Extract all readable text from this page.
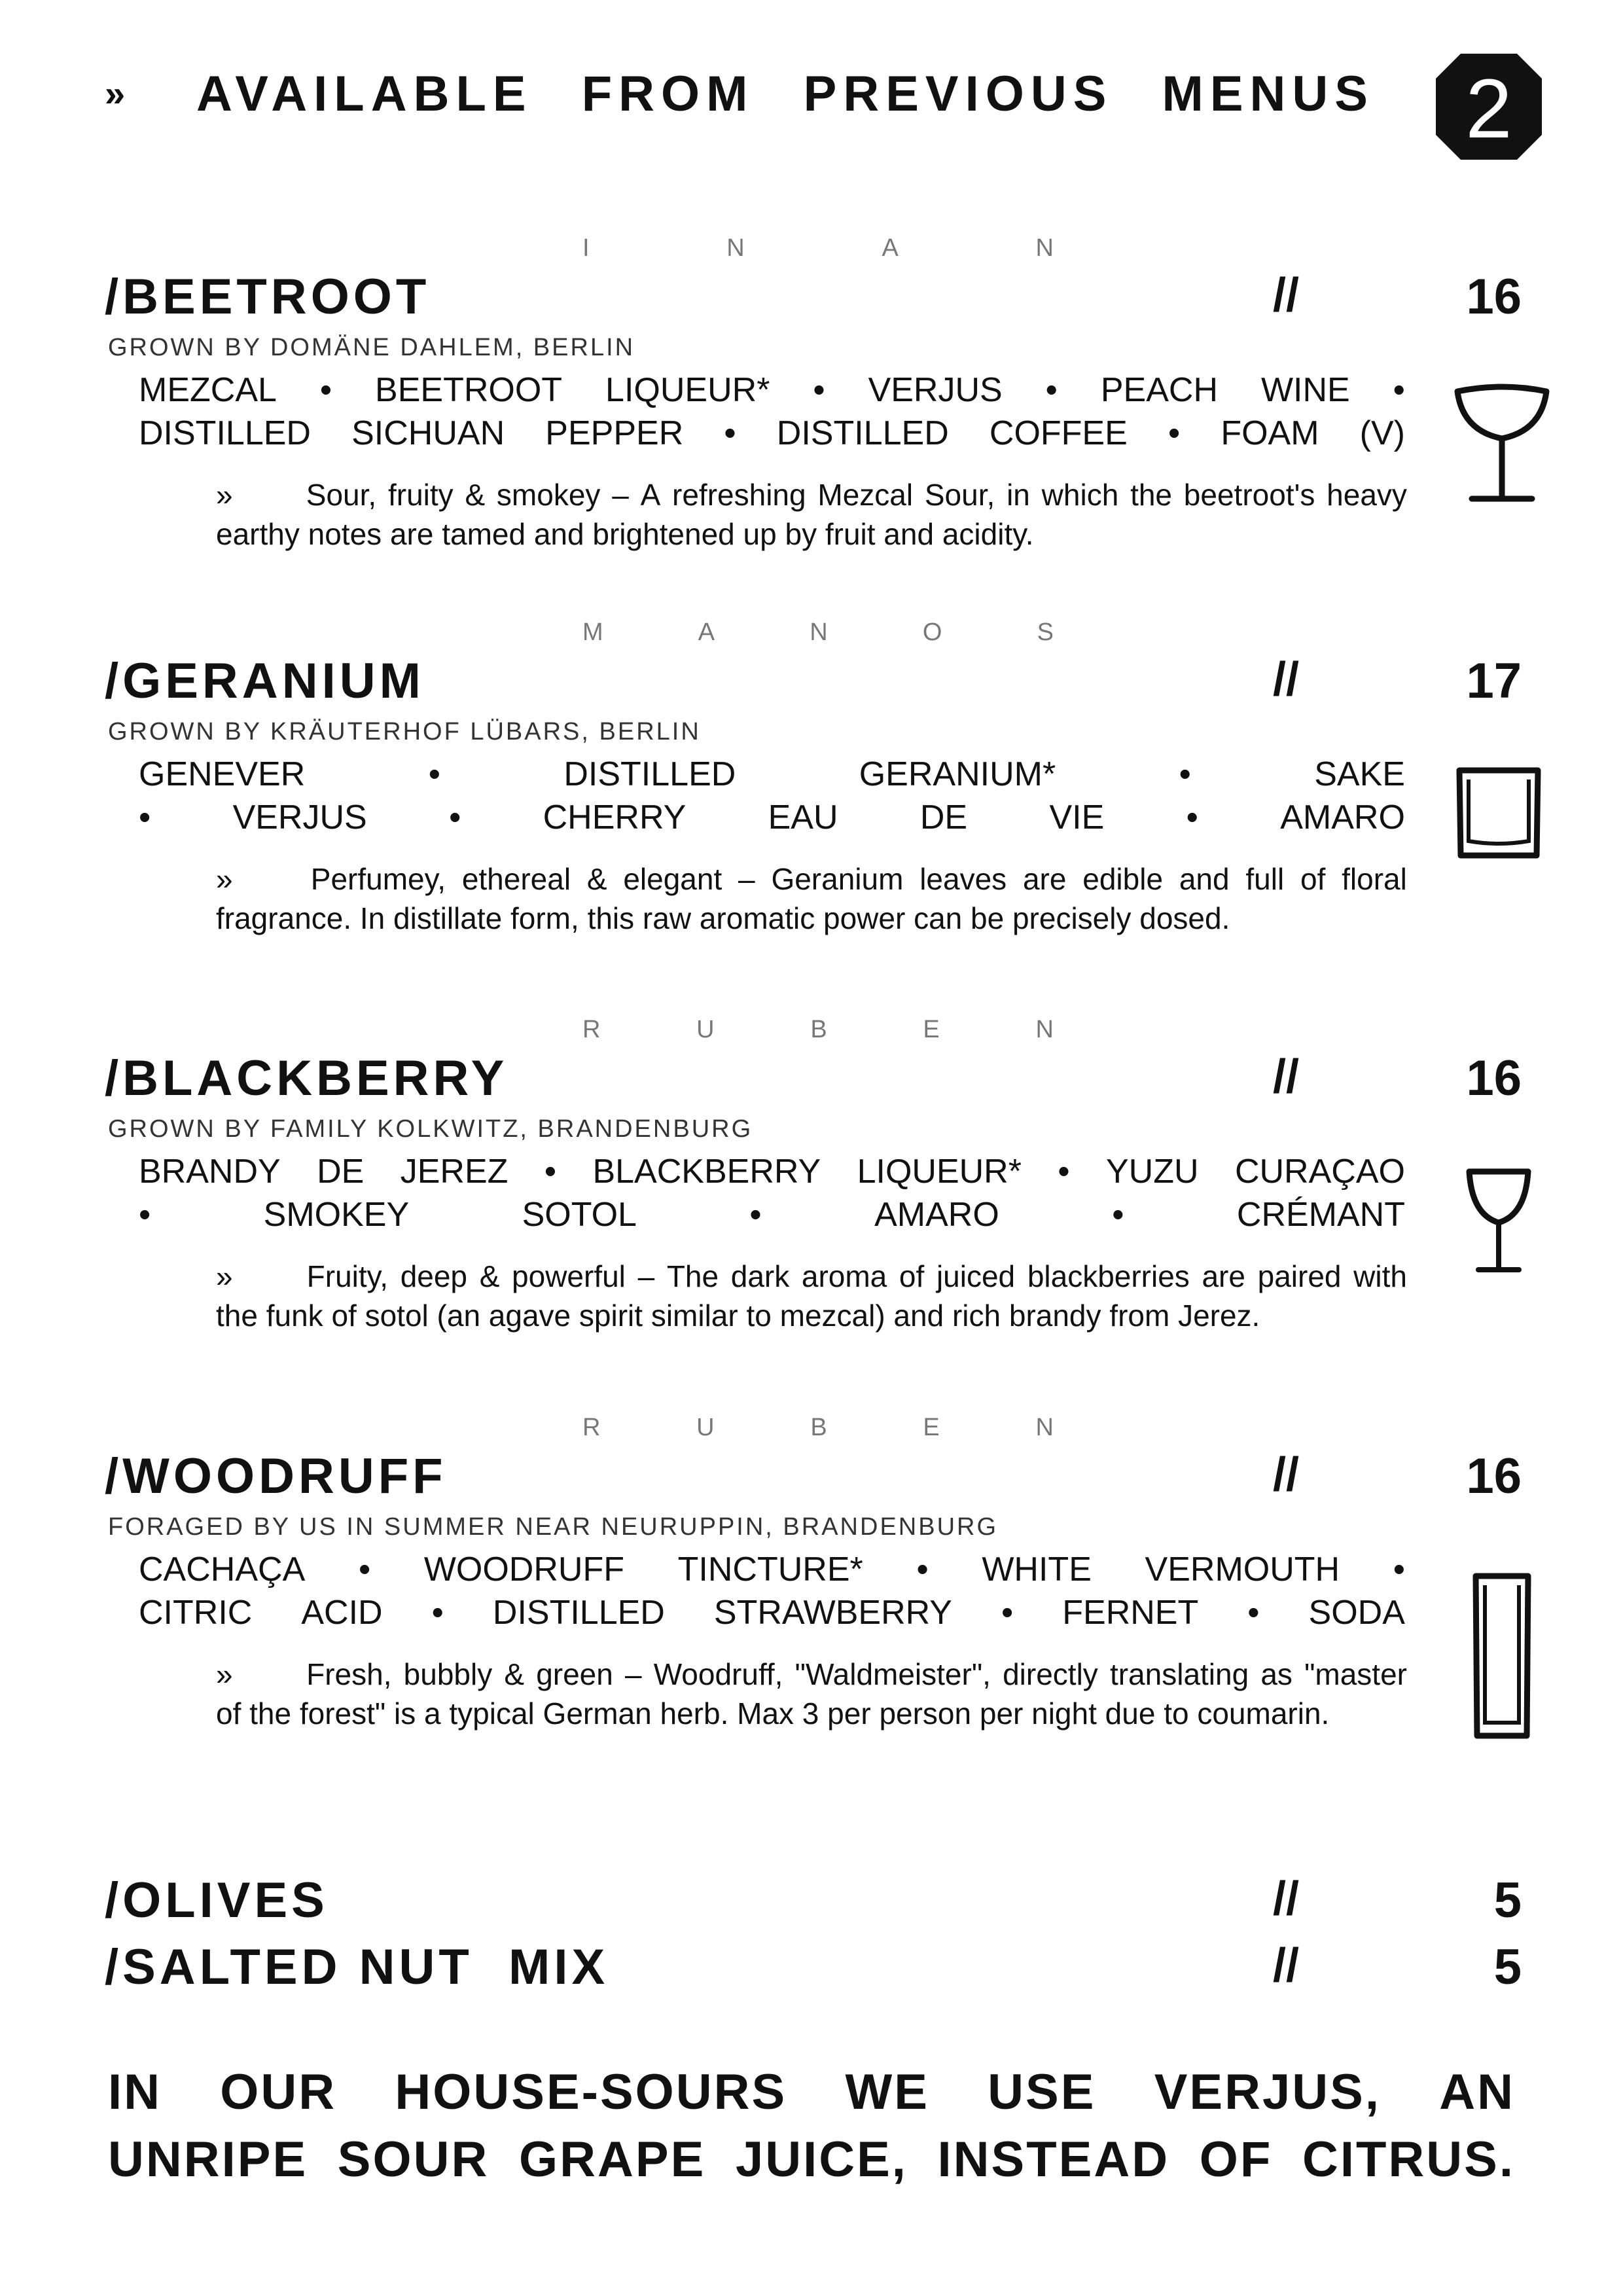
» AVAILABLE FROM PREVIOUS MENUS 2
I	N	A	N
/BEETROOT	//	16
GROWN BY DOMÄNE DAHLEM, BERLIN
MEZCAL • BEETROOT LIQUEUR* • VERJUS • PEACH WINE •
DISTILLED SICHUAN PEPPER • DISTILLED COFFEE • FOAM (V)
»	Sour, fruity & smokey – A refreshing Mezcal Sour, in which the beetroot's heavy
earthy notes are tamed and brightened up by fruit and acidity.
M	A	N	O	S
/GERANIUM	//	17
GROWN BY KRÄUTERHOF LÜBARS, BERLIN
GENEVER	•	DISTILLED	GERANIUM*	•	SAKE
• VERJUS • CHERRY EAU DE VIE • AMARO
»	Perfumey, ethereal & elegant – Geranium leaves are edible and full of floral
fragrance. In distillate form, this raw aromatic power can be precisely dosed.
R	U	B	E	N
/BLACKBERRY	//	16
GROWN BY FAMILY KOLKWITZ, BRANDENBURG
BRANDY DE JEREZ • BLACKBERRY LIQUEUR* • YUZU CURAÇAO
•	SMOKEY	SOTOL	•	AMARO	•	CRÉMANT
»	Fruity, deep & powerful – The dark aroma of juiced blackberries are paired with
the funk of sotol (an agave spirit similar to mezcal) and rich brandy from Jerez.
R	U	B	E	N
/WOODRUFF	//	16
FORAGED BY US IN SUMMER NEAR NEURUPPIN, BRANDENBURG
CACHAÇA • WOODRUFF TINCTURE* • WHITE VERMOUTH •
CITRIC ACID • DISTILLED STRAWBERRY • FERNET • SODA
»	Fresh, bubbly & green – Woodruff, "Waldmeister", directly translating as "master
of the forest" is a typical German herb. Max 3 per person per night due to coumarin.
/OLIVES	//	5
/SALTED NUT  MIX	//	5
IN OUR HOUSE-SOURS WE USE VERJUS, AN
UNRIPE SOUR GRAPE JUICE, INSTEAD OF CITRUS.
